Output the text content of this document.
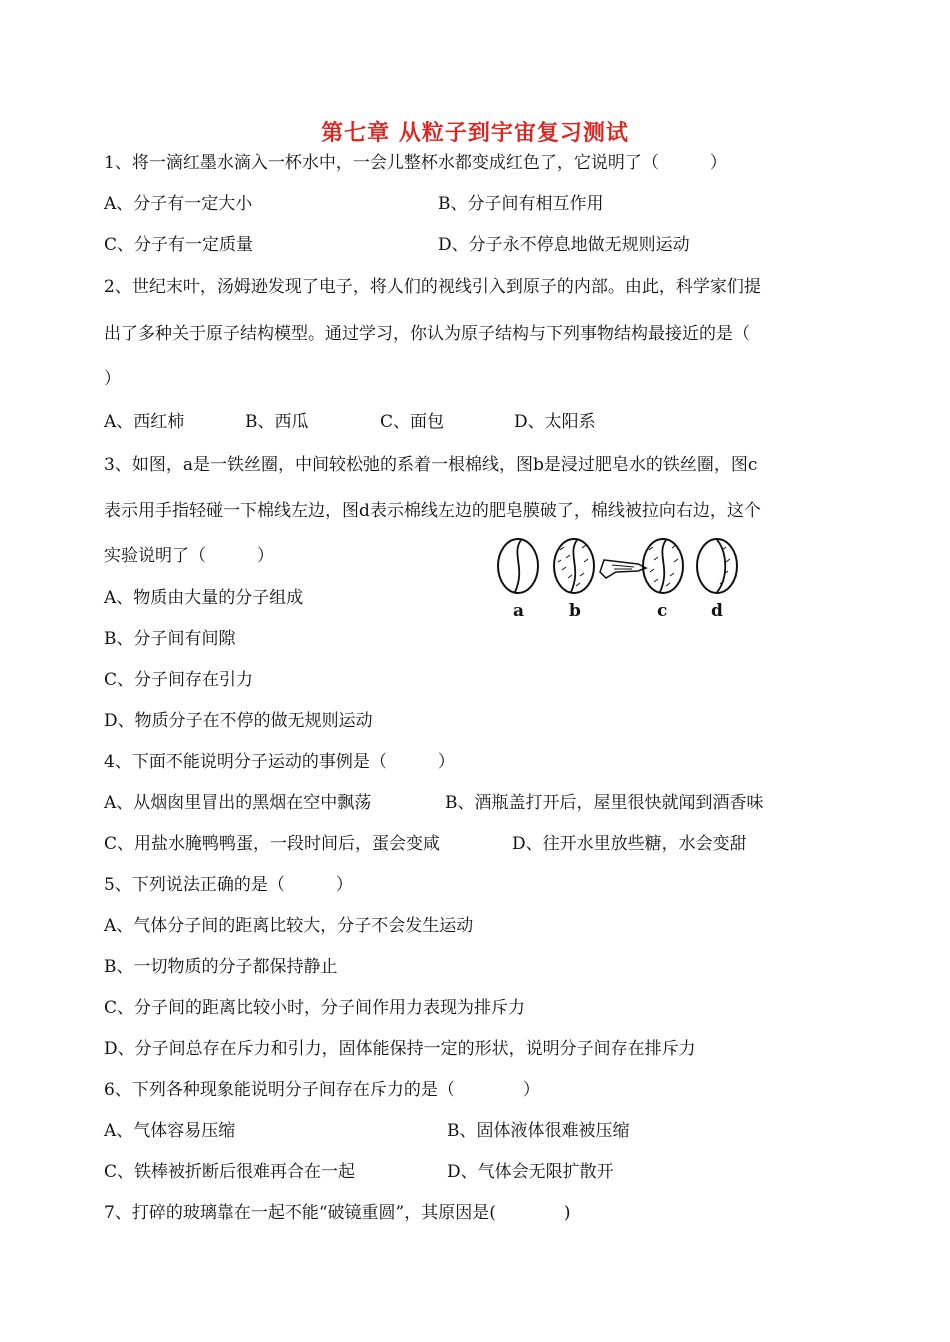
第七章 从粒子到宇宙复习测试
1、将一滴红墨水滴入一杯水中，一会儿整杯水都变成红色了，它说明了（　　　）
A、分子有一定大小	B、分子间有相互作用
C、分子有一定质量	D、分子永不停息地做无规则运动
2、世纪末叶，汤姆逊发现了电子，将人们的视线引入到原子的内部。由此，科学家们提
出了多种关于原子结构模型。通过学习，你认为原子结构与下列事物结构最接近的是（
）
A、西红柿	B、西瓜	C、面包	D、太阳系
3、如图，a是一铁丝圈，中间较松弛的系着一根棉线，图b是浸过肥皂水的铁丝圈，图c
表示用手指轻碰一下棉线左边，图d表示棉线左边的肥皂膜破了，棉线被拉向右边，这个
实验说明了（　　　）
A、物质由大量的分子组成
B、分子间有间隙
C、分子间存在引力
D、物质分子在不停的做无规则运动
a	b	c	d
4、下面不能说明分子运动的事例是（　　　）
A、从烟囱里冒出的黑烟在空中飘荡	B、酒瓶盖打开后，屋里很快就闻到酒香味
C、用盐水腌鸭鸭蛋，一段时间后，蛋会变咸	D、往开水里放些糖，水会变甜
5、下列说法正确的是（　　　）
A、气体分子间的距离比较大，分子不会发生运动
B、一切物质的分子都保持静止
C、分子间的距离比较小时，分子间作用力表现为排斥力
D、分子间总存在斥力和引力，固体能保持一定的形状，说明分子间存在排斥力
6、下列各种现象能说明分子间存在斥力的是（　　　　）
A、气体容易压缩	B、固体液体很难被压缩
C、铁棒被折断后很难再合在一起	D、气体会无限扩散开
7、打碎的玻璃靠在一起不能“破镜重圆”，其原因是(　　　　)
